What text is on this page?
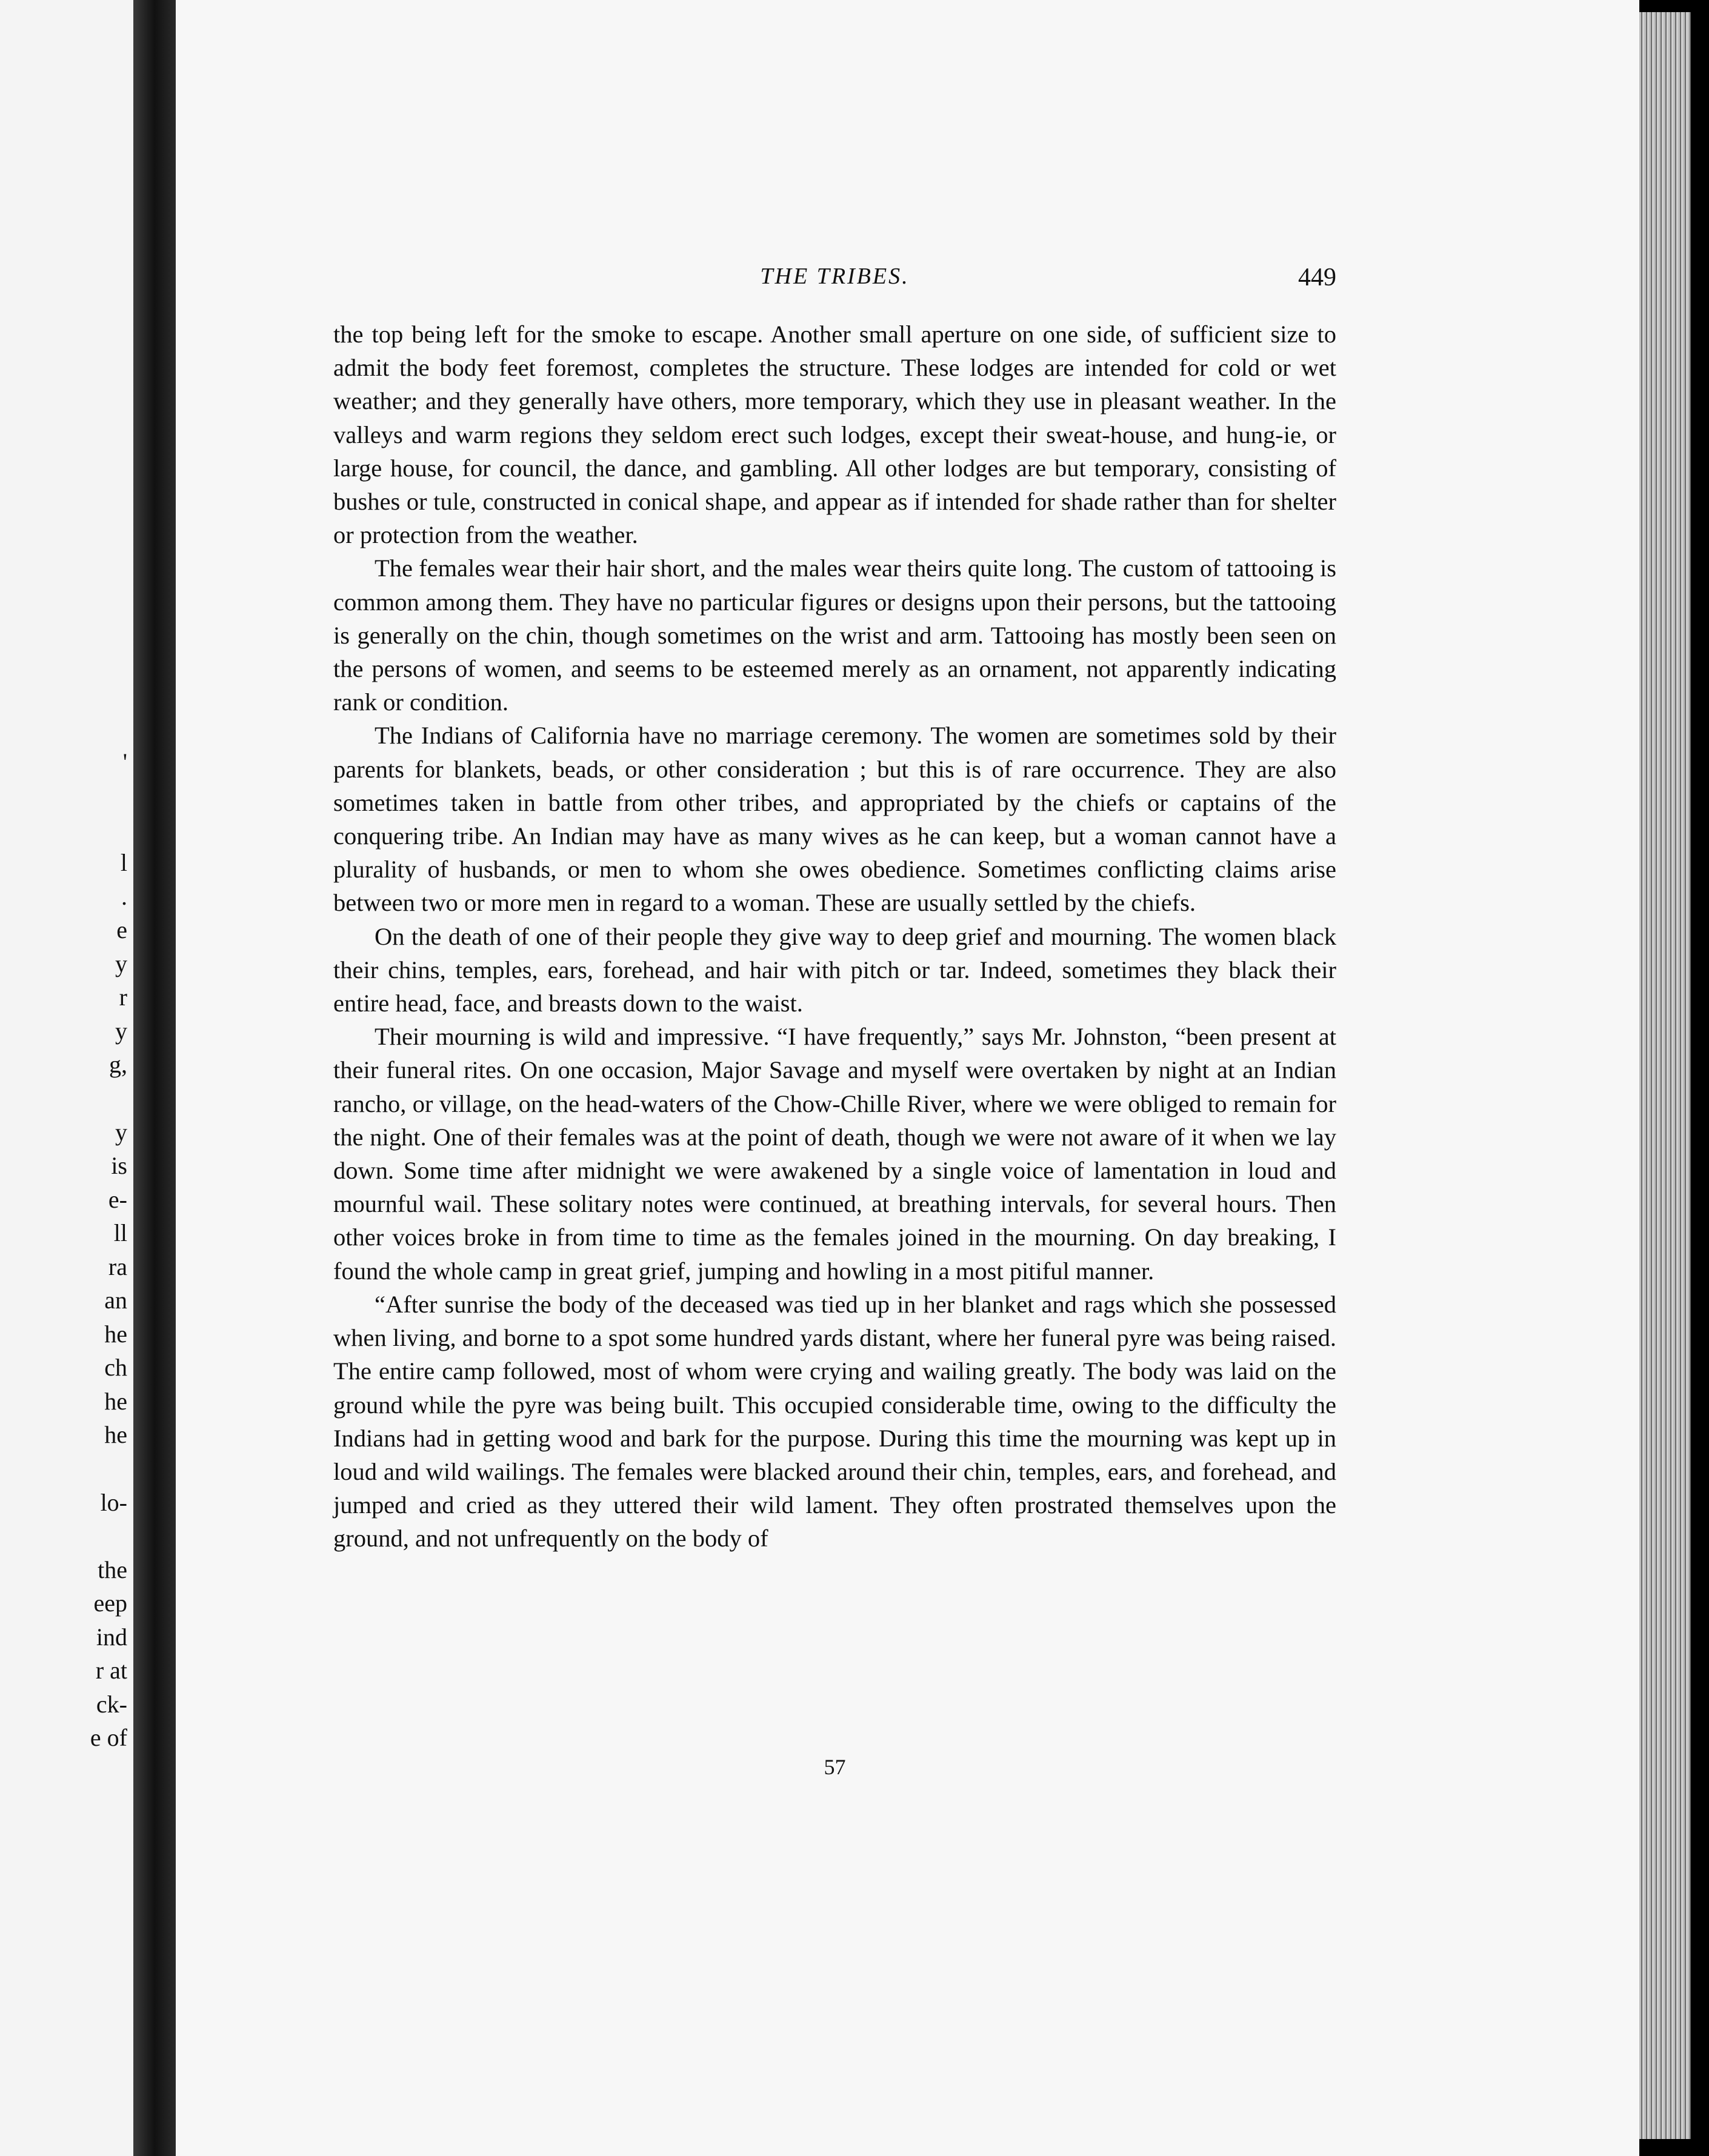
'
l
.
e
y
r
y
g,
y
is
e-
ll
ra
an
he
ch
he
he
lo-
the
eep
ind
r at
ck-
e of
THE TRIBES.	449

the top being left for the smoke to escape. Another small aperture on one side, of sufficient size to admit the body feet foremost, completes the structure. These lodges are intended for cold or wet weather; and they generally have others, more temporary, which they use in pleasant weather. In the valleys and warm regions they seldom erect such lodges, except their sweat-house, and hung-ie, or large house, for council, the dance, and gambling. All other lodges are but temporary, consisting of bushes or tule, constructed in conical shape, and appear as if intended for shade rather than for shelter or protection from the weather.

The females wear their hair short, and the males wear theirs quite long. The custom of tattooing is common among them. They have no particular figures or designs upon their persons, but the tattooing is generally on the chin, though sometimes on the wrist and arm. Tattooing has mostly been seen on the persons of women, and seems to be esteemed merely as an ornament, not apparently indicating rank or condition.

The Indians of California have no marriage ceremony. The women are sometimes sold by their parents for blankets, beads, or other consideration ; but this is of rare occurrence. They are also sometimes taken in battle from other tribes, and appropriated by the chiefs or captains of the conquering tribe. An Indian may have as many wives as he can keep, but a woman cannot have a plurality of husbands, or men to whom she owes obedience. Sometimes conflicting claims arise between two or more men in regard to a woman. These are usually settled by the chiefs.

On the death of one of their people they give way to deep grief and mourning. The women black their chins, temples, ears, forehead, and hair with pitch or tar. Indeed, sometimes they black their entire head, face, and breasts down to the waist.

Their mourning is wild and impressive. “I have frequently,” says Mr. Johnston, “been present at their funeral rites. On one occasion, Major Savage and myself were overtaken by night at an Indian rancho, or village, on the head-waters of the Chow-Chille River, where we were obliged to remain for the night. One of their females was at the point of death, though we were not aware of it when we lay down. Some time after midnight we were awakened by a single voice of lamentation in loud and mournful wail. These solitary notes were continued, at breathing intervals, for several hours. Then other voices broke in from time to time as the females joined in the mourning. On day breaking, I found the whole camp in great grief, jumping and howling in a most pitiful manner.

“After sunrise the body of the deceased was tied up in her blanket and rags which she possessed when living, and borne to a spot some hundred yards distant, where her funeral pyre was being raised. The entire camp followed, most of whom were crying and wailing greatly. The body was laid on the ground while the pyre was being built. This occupied considerable time, owing to the difficulty the Indians had in getting wood and bark for the purpose. During this time the mourning was kept up in loud and wild wailings. The females were blacked around their chin, temples, ears, and forehead, and jumped and cried as they uttered their wild lament. They often prostrated themselves upon the ground, and not unfrequently on the body of

57
